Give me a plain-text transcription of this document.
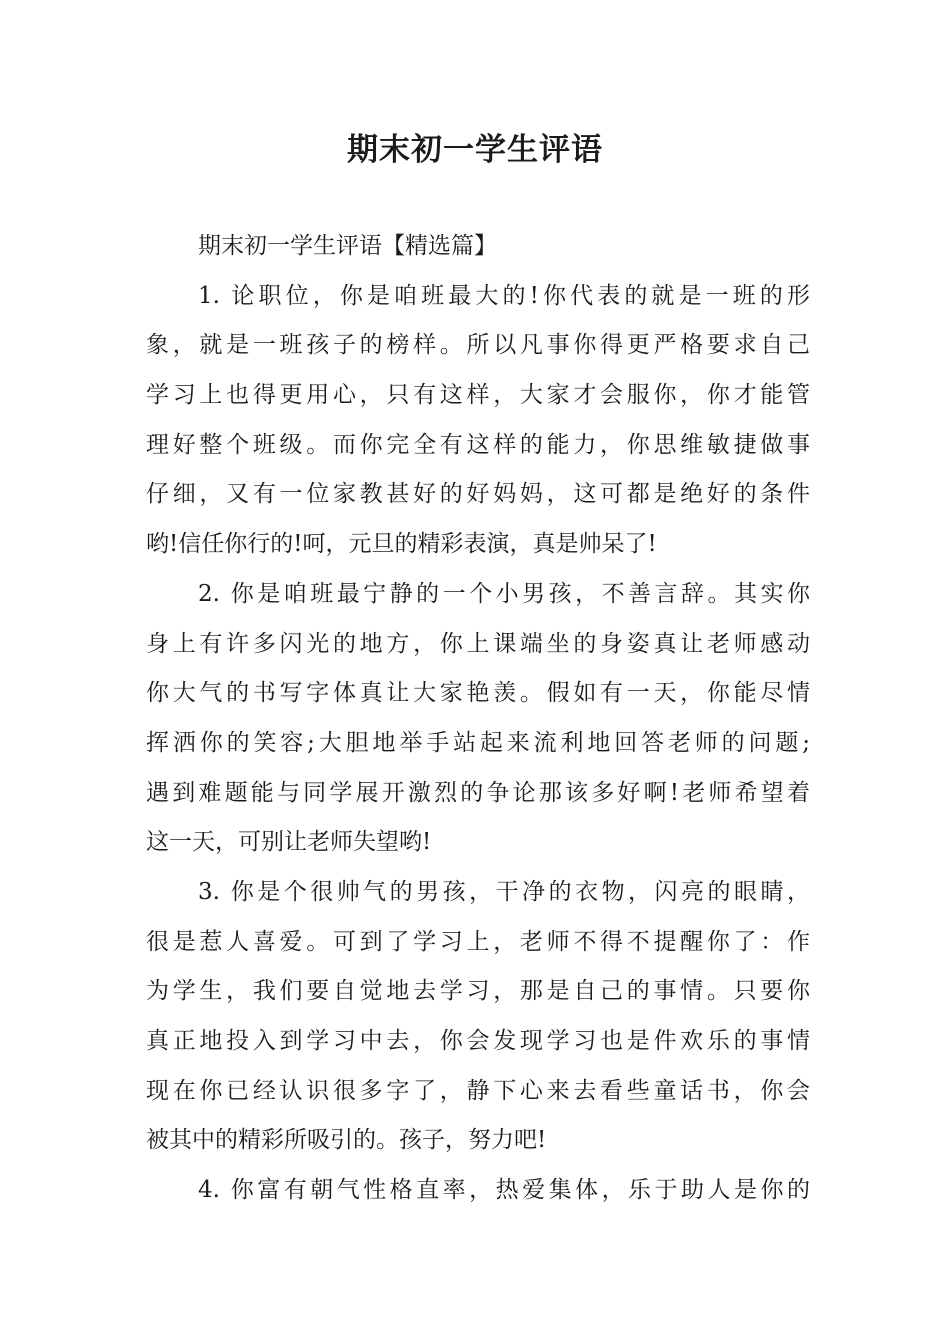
期末初一学生评语
期末初一学生评语【精选篇】
1. 论职位，你是咱班最大的!你代表的就是一班的形
象，就是一班孩子的榜样。所以凡事你得更严格要求自己
学习上也得更用心，只有这样，大家才会服你，你才能管
理好整个班级。而你完全有这样的能力，你思维敏捷做事
仔细，又有一位家教甚好的好妈妈，这可都是绝好的条件
哟!信任你行的!呵，元旦的精彩表演，真是帅呆了!
2. 你是咱班最宁静的一个小男孩，不善言辞。其实你
身上有许多闪光的地方，你上课端坐的身姿真让老师感动
你大气的书写字体真让大家艳羡。假如有一天，你能尽情
挥洒你的笑容;大胆地举手站起来流利地回答老师的问题;
遇到难题能与同学展开激烈的争论那该多好啊!老师希望着
这一天，可别让老师失望哟!
3. 你是个很帅气的男孩，干净的衣物，闪亮的眼睛，
很是惹人喜爱。可到了学习上，老师不得不提醒你了：作
为学生，我们要自觉地去学习，那是自己的事情。只要你
真正地投入到学习中去，你会发现学习也是件欢乐的事情
现在你已经认识很多字了，静下心来去看些童话书，你会
被其中的精彩所吸引的。孩子，努力吧!
4. 你富有朝气性格直率，热爱集体，乐于助人是你的
